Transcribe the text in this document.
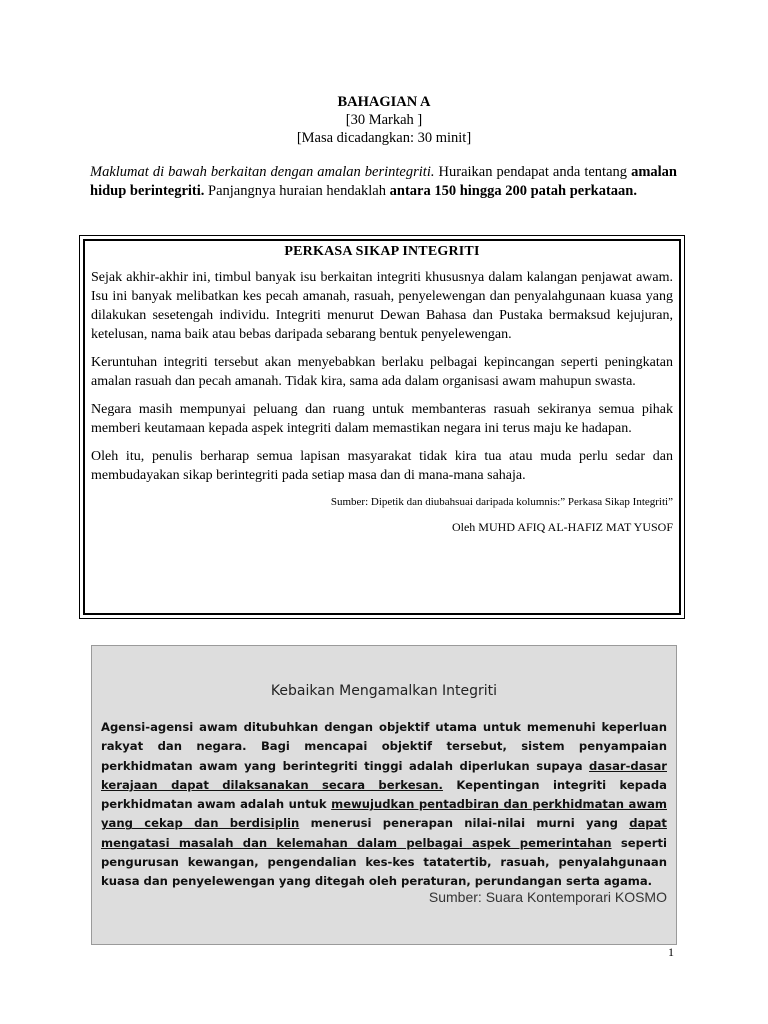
BAHAGIAN A
[30 Markah ]
[Masa dicadangkan: 30 minit]
Maklumat di bawah berkaitan dengan amalan berintegriti. Huraikan pendapat anda tentang amalan hidup berintegriti. Panjangnya huraian hendaklah antara 150 hingga 200 patah perkataan.
PERKASA SIKAP INTEGRITI

Sejak akhir-akhir ini, timbul banyak isu berkaitan integriti khususnya dalam kalangan penjawat awam. Isu ini banyak melibatkan kes pecah amanah, rasuah, penyelewengan dan penyalahgunaan kuasa yang dilakukan sesetengah individu. Integriti menurut Dewan Bahasa dan Pustaka bermaksud kejujuran, ketelusan, nama baik atau bebas daripada sebarang bentuk penyelewengan.

Keruntuhan integriti tersebut akan menyebabkan berlaku pelbagai kepincangan seperti peningkatan amalan rasuah dan pecah amanah. Tidak kira, sama ada dalam organisasi awam mahupun swasta.

Negara masih mempunyai peluang dan ruang untuk membanteras rasuah sekiranya semua pihak memberi keutamaan kepada aspek integriti dalam memastikan negara ini terus maju ke hadapan.

Oleh itu, penulis berharap semua lapisan masyarakat tidak kira tua atau muda perlu sedar dan membudayakan sikap berintegriti pada setiap masa dan di mana-mana sahaja.

Sumber: Dipetik dan diubahsuai daripada kolumnis:” Perkasa Sikap Integriti”
Oleh MUHD AFIQ AL-HAFIZ MAT YUSOF
Kebaikan Mengamalkan Integriti
Agensi-agensi awam ditubuhkan dengan objektif utama untuk memenuhi keperluan rakyat dan negara. Bagi mencapai objektif tersebut, sistem penyampaian perkhidmatan awam yang berintegriti tinggi adalah diperlukan supaya dasar-dasar kerajaan dapat dilaksanakan secara berkesan. Kepentingan integriti kepada perkhidmatan awam adalah untuk mewujudkan pentadbiran dan perkhidmatan awam yang cekap dan berdisiplin menerusi penerapan nilai-nilai murni yang dapat mengatasi masalah dan kelemahan dalam pelbagai aspek pemerintahan seperti pengurusan kewangan, pengendalian kes-kes tatatertib, rasuah, penyalahgunaan kuasa dan penyelewengan yang ditegah oleh peraturan, perundangan serta agama.
Sumber: Suara Kontemporari KOSMO
1
